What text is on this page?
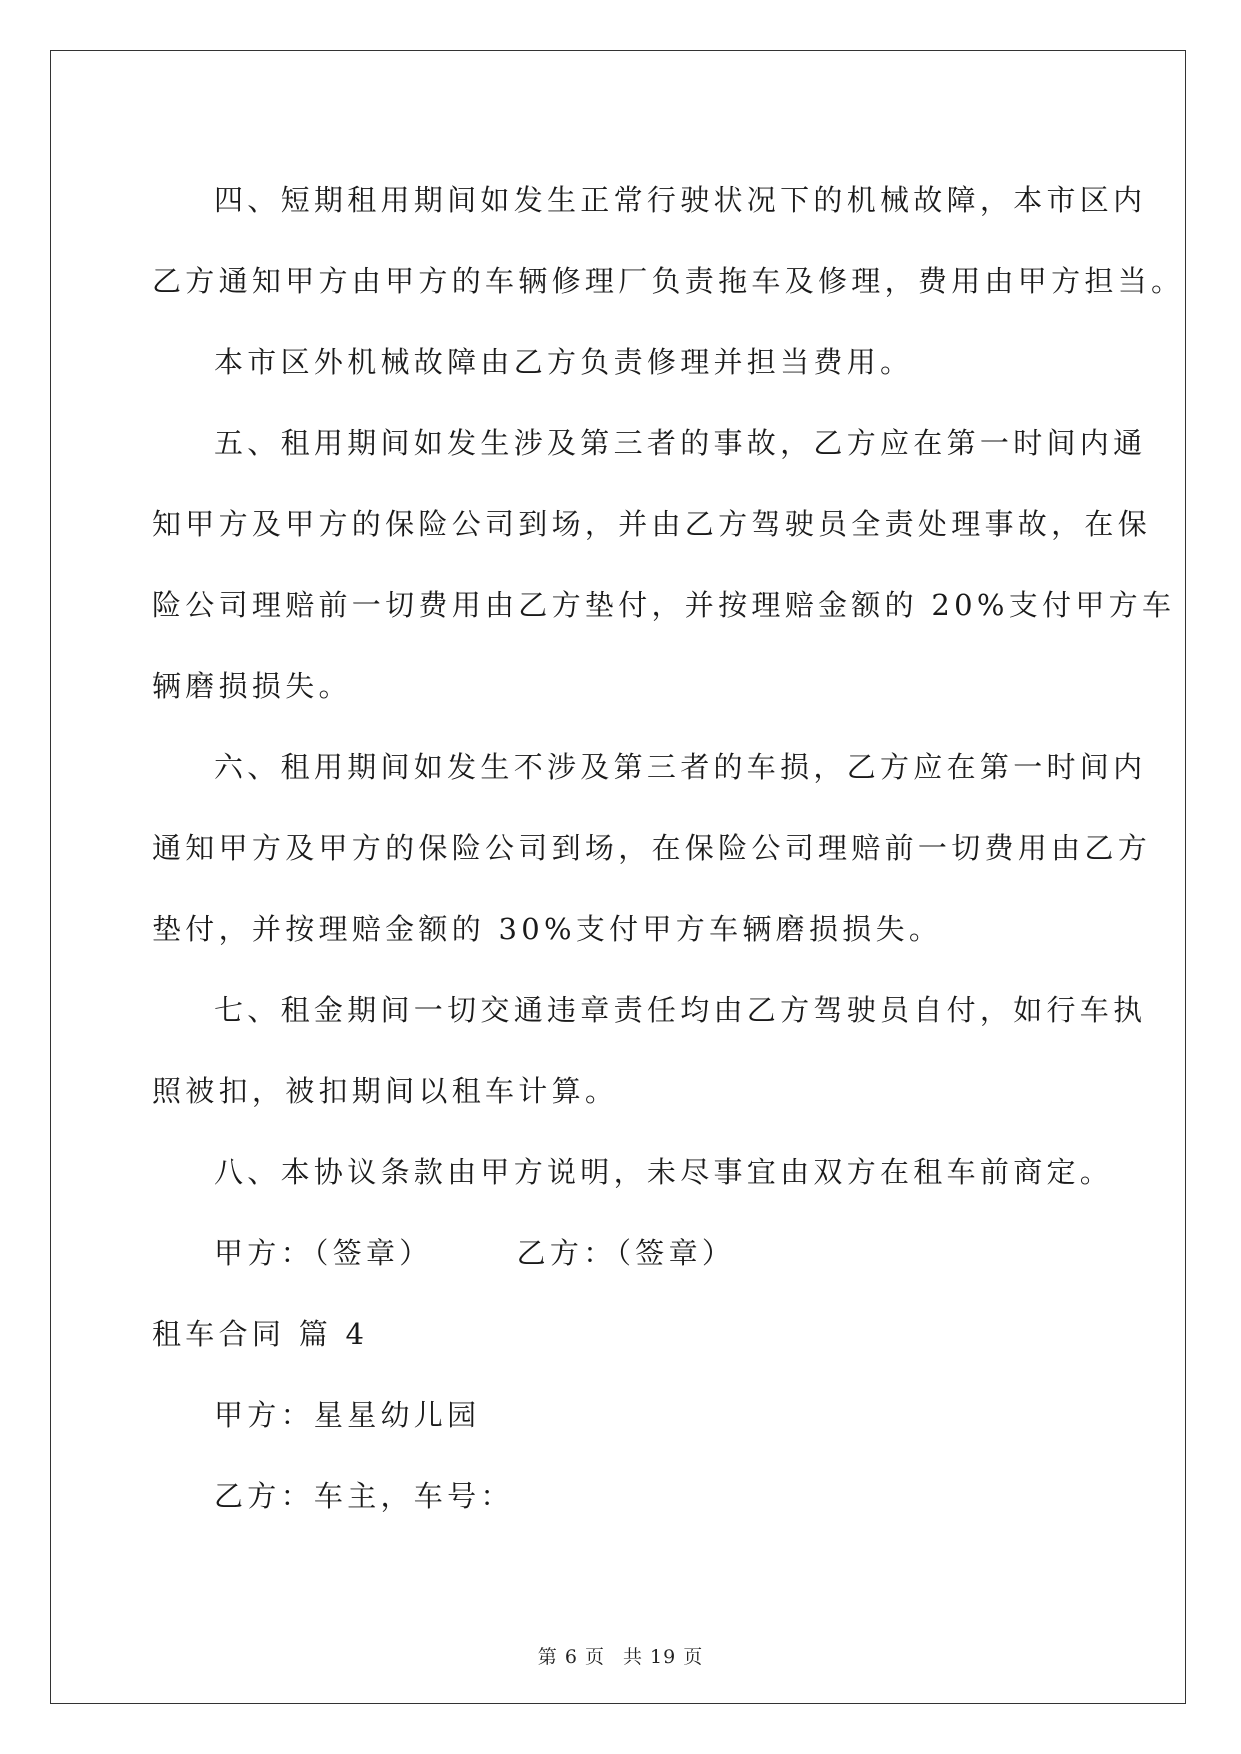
四、短期租用期间如发生正常行驶状况下的机械故障，本市区内
乙方通知甲方由甲方的车辆修理厂负责拖车及修理，费用由甲方担当。
本市区外机械故障由乙方负责修理并担当费用。
五、租用期间如发生涉及第三者的事故，乙方应在第一时间内通
知甲方及甲方的保险公司到场，并由乙方驾驶员全责处理事故，在保
险公司理赔前一切费用由乙方垫付，并按理赔金额的 20%支付甲方车
辆磨损损失。
六、租用期间如发生不涉及第三者的车损，乙方应在第一时间内
通知甲方及甲方的保险公司到场，在保险公司理赔前一切费用由乙方
垫付，并按理赔金额的 30%支付甲方车辆磨损损失。
七、租金期间一切交通违章责任均由乙方驾驶员自付，如行车执
照被扣，被扣期间以租车计算。
八、本协议条款由甲方说明，未尽事宜由双方在租车前商定。
甲方：（签章）	乙方：（签章）
租车合同 篇 4
甲方：星星幼儿园
乙方：车主，车号：
第 6 页 共 19 页
